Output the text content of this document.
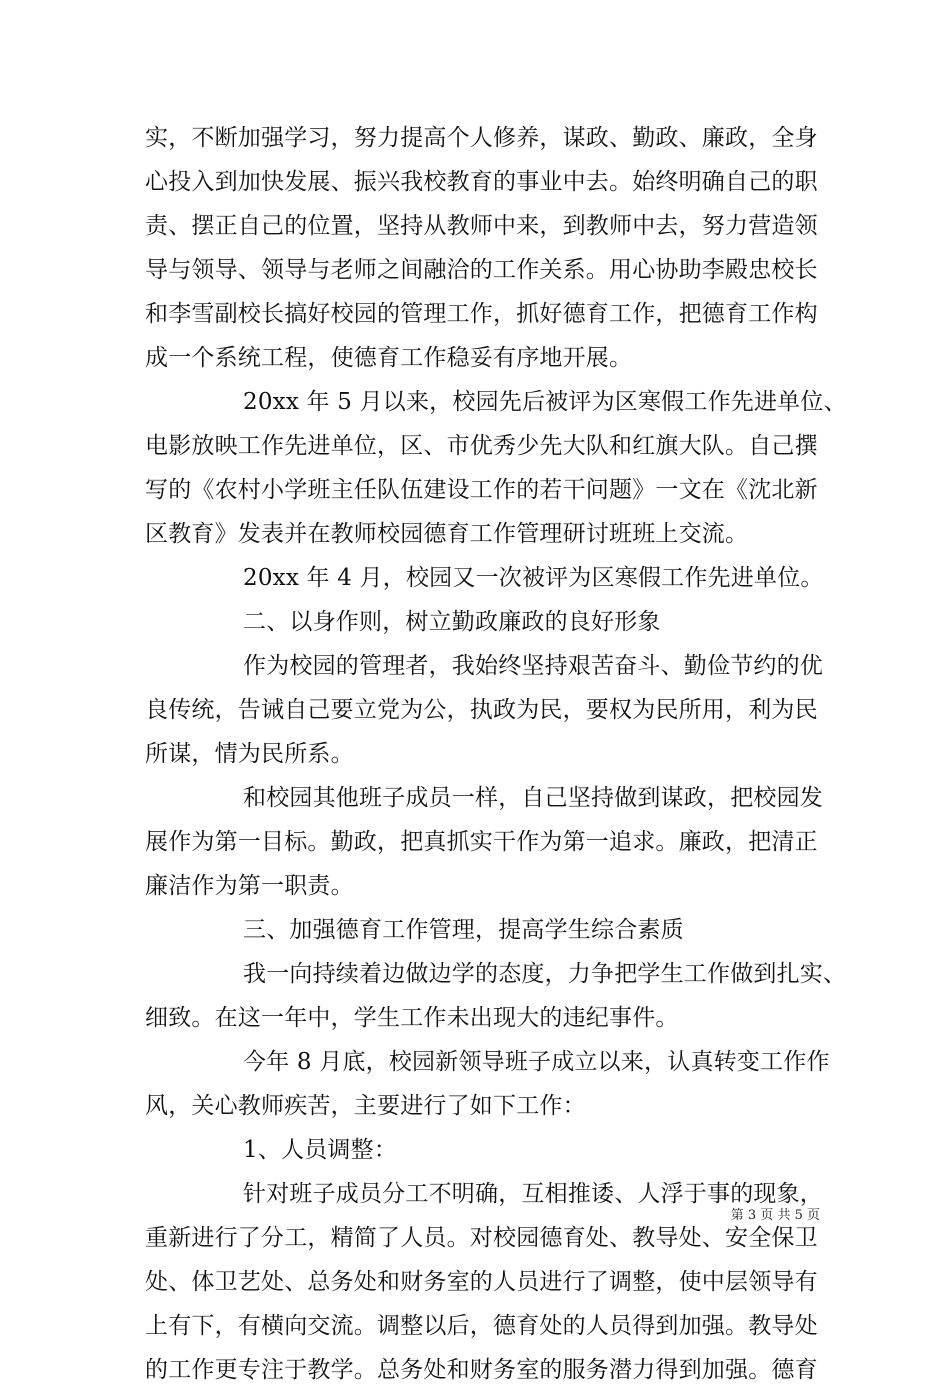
实，不断加强学习，努力提高个人修养，谋政、勤政、廉政，全身
心投入到加快发展、振兴我校教育的事业中去。始终明确自己的职
责、摆正自己的位置，坚持从教师中来，到教师中去，努力营造领
导与领导、领导与老师之间融洽的工作关系。用心协助李殿忠校长
和李雪副校长搞好校园的管理工作，抓好德育工作，把德育工作构
成一个系统工程，使德育工作稳妥有序地开展。
20xx 年 5 月以来，校园先后被评为区寒假工作先进单位、
电影放映工作先进单位，区、市优秀少先大队和红旗大队。自己撰
写的《农村小学班主任队伍建设工作的若干问题》一文在《沈北新
区教育》发表并在教师校园德育工作管理研讨班班上交流。
20xx 年 4 月，校园又一次被评为区寒假工作先进单位。
二、以身作则，树立勤政廉政的良好形象
作为校园的管理者，我始终坚持艰苦奋斗、勤俭节约的优
良传统，告诫自己要立党为公，执政为民，要权为民所用，利为民
所谋，情为民所系。
和校园其他班子成员一样，自己坚持做到谋政，把校园发
展作为第一目标。勤政，把真抓实干作为第一追求。廉政，把清正
廉洁作为第一职责。
三、加强德育工作管理，提高学生综合素质
我一向持续着边做边学的态度，力争把学生工作做到扎实、
细致。在这一年中，学生工作未出现大的违纪事件。
今年 8 月底，校园新领导班子成立以来，认真转变工作作
风，关心教师疾苦，主要进行了如下工作：
1、人员调整：
针对班子成员分工不明确，互相推诿、人浮于事的现象，
重新进行了分工，精简了人员。对校园德育处、教导处、安全保卫
处、体卫艺处、总务处和财务室的人员进行了调整，使中层领导有
上有下，有横向交流。调整以后，德育处的人员得到加强。教导处
的工作更专注于教学。总务处和财务室的服务潜力得到加强。德育
第 3 页 共 5 页
